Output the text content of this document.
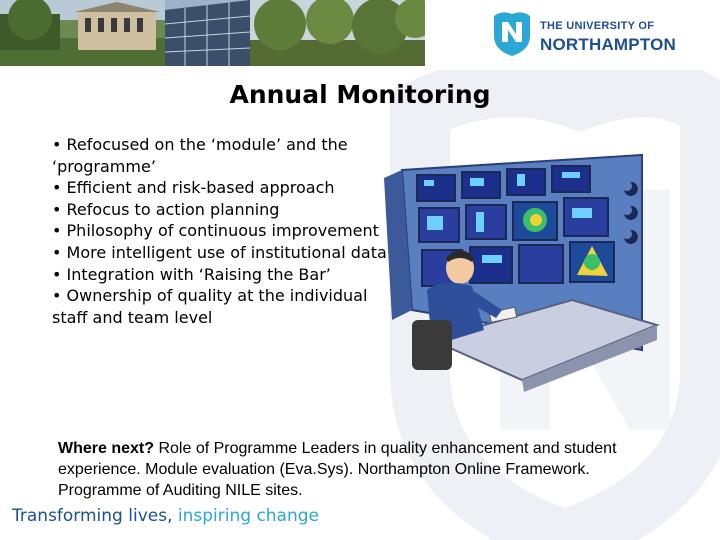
THE UNIVERSITY OF
NORTHAMPTON
Annual Monitoring
• Refocused on the ‘module’ and the ‘programme’
• Efficient and risk-based approach
• Refocus to action planning
• Philosophy of continuous improvement
• More intelligent use of institutional data
• Integration with ‘Raising the Bar’
• Ownership of quality at the individual staff and team level
Where next? Role of Programme Leaders in quality enhancement and student experience. Module evaluation (Eva.Sys). Northampton Online Framework. Programme of Auditing NILE sites.
Transforming lives, inspiring change
